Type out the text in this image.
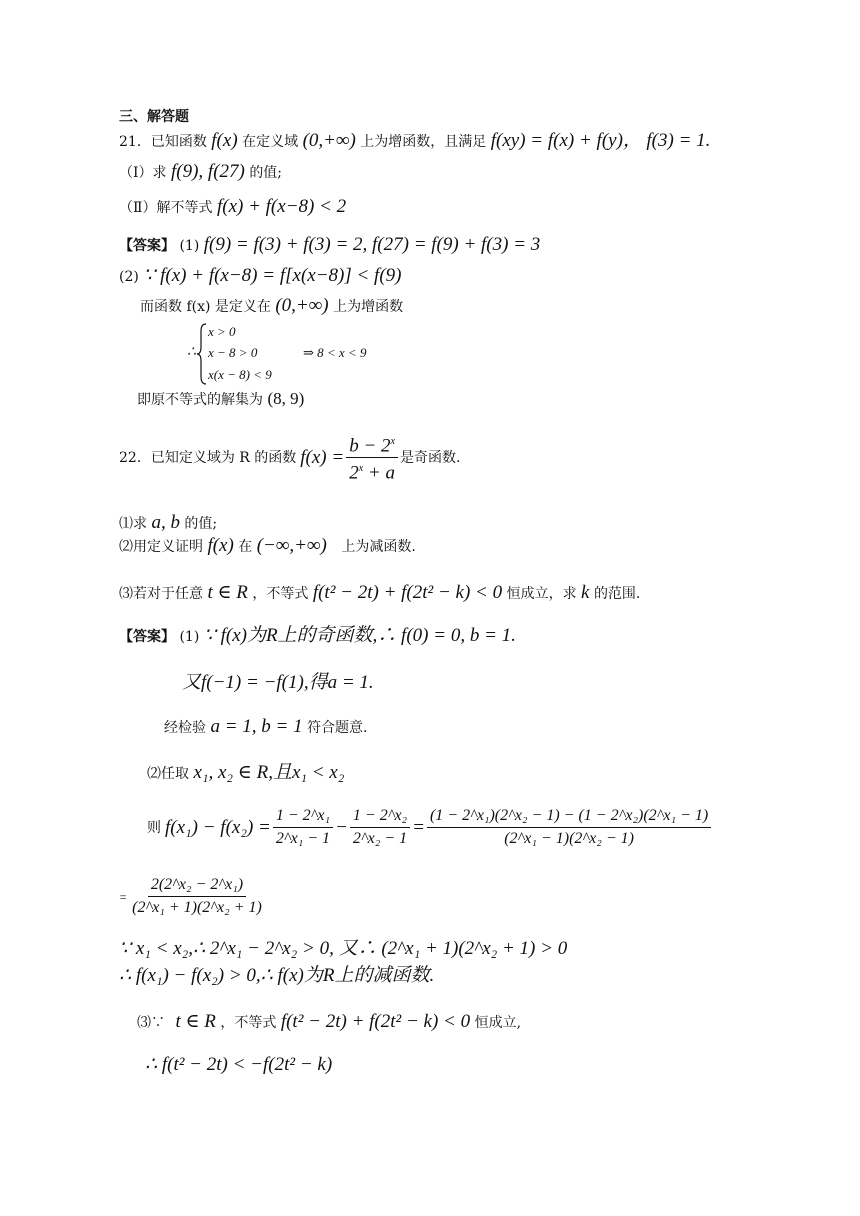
三、解答题
21．已知函数 f(x) 在定义域 (0,+∞) 上为增函数，且满足 f(xy) = f(x) + f(y)， f(3) = 1.
（Ⅰ）求 f(9), f(27) 的值;
（Ⅱ）解不等式 f(x) + f(x−8) < 2
【答案】 (1) f(9) = f(3) + f(3) = 2, f(27) = f(9) + f(3) = 3
(2) ∵ f(x) + f(x−8) = f[x(x−8)] < f(9)
而函数 f(x) 是定义在 (0,+∞) 上为增函数
∴
x > 0
x − 8 > 0
x(x − 8) < 9
⇒ 8 < x < 9
即原不等式的解集为 (8, 9)
22．已知定义域为 R 的函数 $f(x) = \frac{b - 2^x}{2^x + a}$ 是奇函数.
⑴求 a, b 的值;
⑵用定义证明 f(x) 在 (−∞,+∞) 上为减函数.
⑶若对于任意 t ∈ R ，不等式 f(t² − 2t) + f(2t² − k) < 0 恒成立，求 k 的范围.
【答案】 (1) ∵ f(x)为R上的奇函数,∴ f(0) = 0, b = 1.
又f(−1) = −f(1),得a = 1.
经检验 a = 1, b = 1 符合题意.
⑵任取 x₁, x₂ ∈ R,且x₁ < x₂
则 $f(x_1) - f(x_2) = \frac{\text{1 − 2\textasciicircum{}x₁}}{\text{2\textasciicircum{}x₁ − 1}} - \frac{\text{1 − 2\textasciicircum{}x₂}}{\text{2\textasciicircum{}x₂ − 1}} = \frac{\text{(1 − 2\textasciicircum{}x₁)(2\textasciicircum{}x₂ − 1) − (1 − 2\textasciicircum{}x₂)(2\textasciicircum{}x₁ − 1)}}{\text{(2\textasciicircum{}x₁ − 1)(2\textasciicircum{}x₂ − 1)}}$
= $\frac{\text{2(2\textasciicircum{}x₂ − 2\textasciicircum{}x₁)}}{\text{(2\textasciicircum{}x₁ + 1)(2\textasciicircum{}x₂ + 1)}}$
∵ x₁ < x₂,∴ 2^x₁ − 2^x₂ > 0, 又∴ (2^x₁ + 1)(2^x₂ + 1) > 0
∴ f(x₁) − f(x₂) > 0,∴ f(x)为R上的减函数.
⑶∵ t ∈ R ，不等式 f(t² − 2t) + f(2t² − k) < 0 恒成立,
∴ f(t² − 2t) < −f(2t² − k)
